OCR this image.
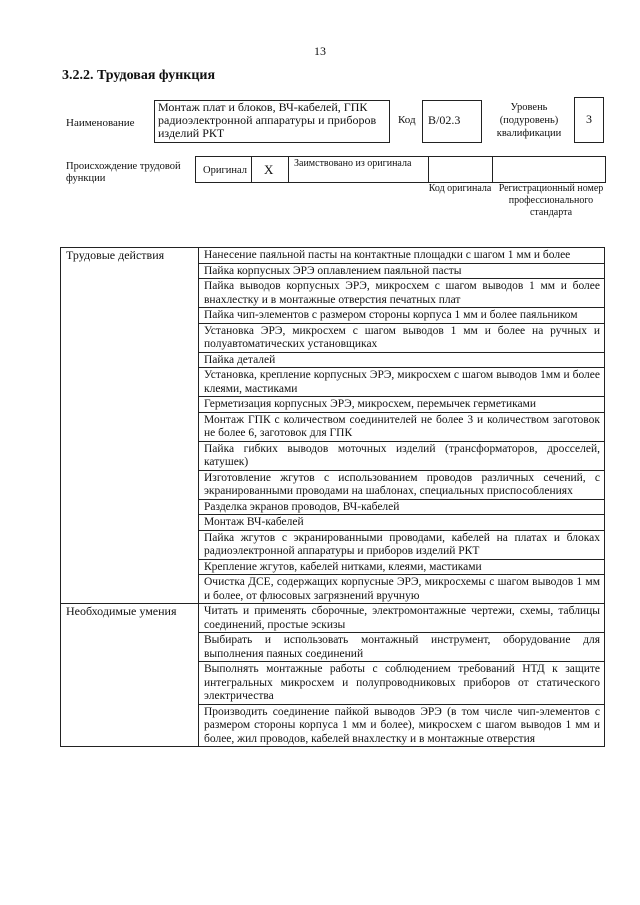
13
3.2.2. Трудовая функция
Наименование
Монтаж плат и блоков, ВЧ-кабелей, ГПК радиоэлектронной аппаратуры и приборов изделий РКТ
Код	B/02.3
Уровень (подуровень) квалификации
3
Происхождение трудовой функции
Оригинал	X	Заимствовано из оригинала
Код оригинала Регистрационный номер профессионального стандарта
Трудовые действия	Нанесение паяльной пасты на контактные площадки с шагом 1 мм и более
	Пайка корпусных ЭРЭ оплавлением паяльной пасты
	Пайка выводов корпусных ЭРЭ, микросхем с шагом выводов 1 мм и более внахлестку и в монтажные отверстия печатных плат
	Пайка чип-элементов с размером стороны корпуса 1 мм и более паяльником
	Установка ЭРЭ, микросхем с шагом выводов 1 мм и более на ручных и полуавтоматических установщиках
	Пайка деталей
	Установка, крепление корпусных ЭРЭ, микросхем с шагом выводов 1мм и более клеями, мастиками
	Герметизация корпусных ЭРЭ, микросхем, перемычек герметиками
	Монтаж ГПК с количеством соединителей не более 3 и количеством заготовок не более 6, заготовок для ГПК
	Пайка гибких выводов моточных изделий (трансформаторов, дросселей, катушек)
	Изготовление жгутов с использованием проводов различных сечений, с экранированными проводами на шаблонах, специальных приспособлениях
	Разделка экранов проводов, ВЧ-кабелей
	Монтаж ВЧ-кабелей
	Пайка жгутов с экранированными проводами, кабелей на платах и блоках радиоэлектронной аппаратуры и приборов изделий РКТ
	Крепление жгутов, кабелей нитками, клеями, мастиками
	Очистка ДСЕ, содержащих корпусные ЭРЭ, микросхемы с шагом выводов 1 мм и более, от флюсовых загрязнений вручную
Необходимые умения	Читать и применять сборочные, электромонтажные чертежи, схемы, таблицы соединений, простые эскизы
	Выбирать и использовать монтажный инструмент, оборудование для выполнения паяных соединений
	Выполнять монтажные работы с соблюдением требований НТД к защите интегральных микросхем и полупроводниковых приборов от статического электричества
	Производить соединение пайкой выводов ЭРЭ (в том числе чип-элементов с размером стороны корпуса 1 мм и более), микросхем с шагом выводов 1 мм и более, жил проводов, кабелей внахлестку и в монтажные отверстия
